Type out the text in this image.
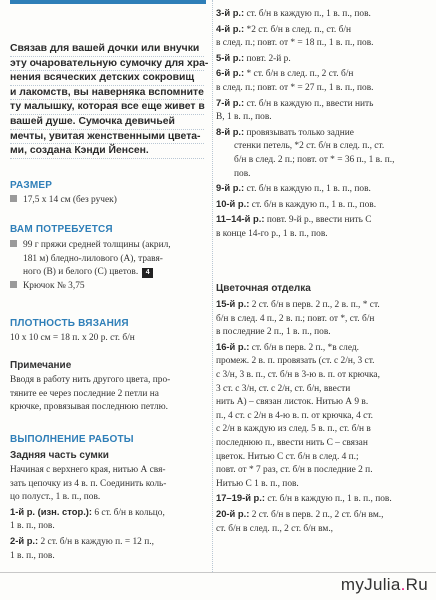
Связав для вашей дочки или внучки
эту очаровательную сумочку для хра-
нения всяческих детских сокровищ
и лакомств, вы наверняка вспомните
ту малышку, которая все еще живет в
вашей душе. Сумочка девичьей
мечты, увитая женственными цвета-
ми, создана Кэнди Йенсен.
РАЗМЕР
17,5 х 14 см (без ручек)
ВАМ ПОТРЕБУЕТСЯ
99 г пряжи средней толщины (акрил,
181 м) бледно-лилового (А), травя-
ного (В) и белого (С) цветов. 4
Крючок № 3,75
ПЛОТНОСТЬ ВЯЗАНИЯ
10 х 10 см = 18 п. х 20 р. ст. б/н
Примечание
Вводя в работу нить другого цвета, про-
тяните ее через последние 2 петли на
крючке, провязывая последнюю петлю.
ВЫПОЛНЕНИЕ РАБОТЫ
Задняя часть сумки
Начиная с верхнего края, нитью А свя-
зать цепочку из 4 в. п. Соединить коль-
цо полуст., 1 в. п., пов.
1-й р. (изн. стор.): 6 ст. б/н в кольцо,
1 в. п., пов.
2-й р.: 2 ст. б/н в каждую п. = 12 п.,
1 в. п., пов.
3-й р.: ст. б/н в каждую п., 1 в. п., пов.
4-й р.: *2 ст. б/н в след. п., ст. б/н
в след. п.; повт. от * = 18 п., 1 в. п., пов.
5-й р.: повт. 2-й р.
6-й р.: * ст. б/н в след. п., 2 ст. б/н
в след. п.; повт. от * = 27 п., 1 в. п., пов.
7-й р.: ст. б/н в каждую п., ввести нить
В, 1 в. п., пов.
8-й р.: провязывать только задние
стенки петель, *2 ст. б/н в след. п., ст.
б/н в след. 2 п.; повт. от * = 36 п., 1 в. п.,
пов.
9-й р.: ст. б/н в каждую п., 1 в. п., пов.
10-й р.: ст. б/н в каждую п., 1 в. п., пов.
11–14-й р.: повт. 9-й р., ввести нить С
в конце 14-го р., 1 в. п., пов.
Цветочная отделка
15-й р.: 2 ст. б/н в перв. 2 п., 2 в. п., * ст.
б/н в след. 4 п., 2 в. п.; повт. от *, ст. б/н
в последние 2 п., 1 в. п., пов.
16-й р.: ст. б/н в перв. 2 п., *в след.
промеж. 2 в. п. провязать (ст. с 2/н, 3 ст.
с 3/н, 3 в. п., ст. б/н в 3-ю в. п. от крючка,
3 ст. с 3/н, ст. с 2/н, ст. б/н, ввести
нить А) – связан листок. Нитью А 9 в.
п., 4 ст. с 2/н в 4-ю в. п. от крючка, 4 ст.
с 2/н в каждую из след. 5 в. п., ст. б/н в
последнюю п., ввести нить С – связан
цветок. Нитью С ст. б/н в след. 4 п.;
повт. от * 7 раз, ст. б/н в последние 2 п.
Нитью С 1 в. п., пов.
17–19-й р.: ст. б/н в каждую п., 1 в. п., пов.
20-й р.: 2 ст. б/н в перв. 2 п., 2 ст. б/н вм.,
ст. б/н в след. п., 2 ст. б/н вм.,
myJulia.Ru
